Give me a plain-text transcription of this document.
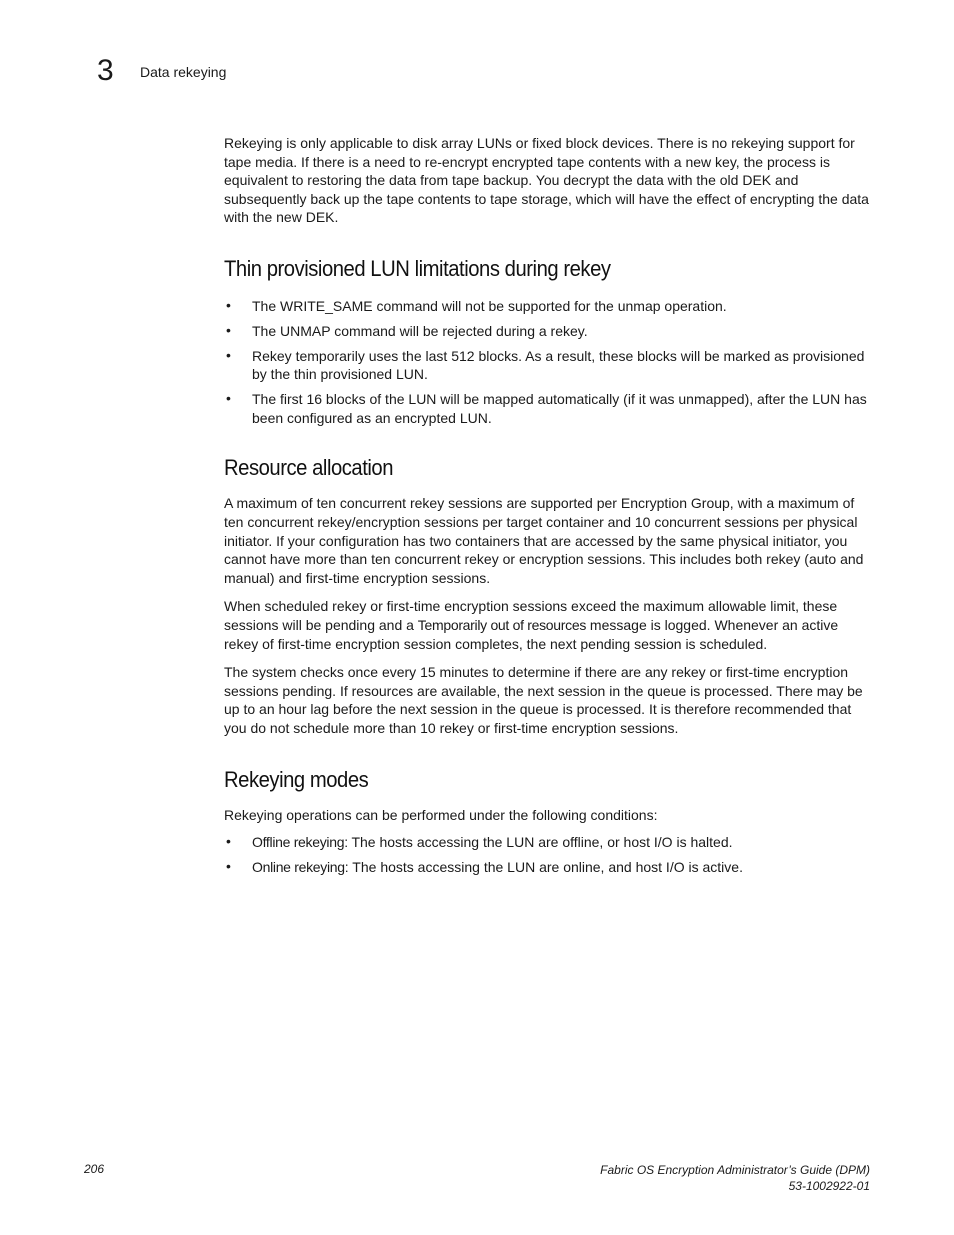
3 Data rekeying

Rekeying is only applicable to disk array LUNs or fixed block devices. There is no rekeying support for tape media. If there is a need to re-encrypt encrypted tape contents with a new key, the process is equivalent to restoring the data from tape backup. You decrypt the data with the old DEK and subsequently back up the tape contents to tape storage, which will have the effect of encrypting the data with the new DEK.

Thin provisioned LUN limitations during rekey
• The WRITE_SAME command will not be supported for the unmap operation.
• The UNMAP command will be rejected during a rekey.
• Rekey temporarily uses the last 512 blocks. As a result, these blocks will be marked as provisioned by the thin provisioned LUN.
• The first 16 blocks of the LUN will be mapped automatically (if it was unmapped), after the LUN has been configured as an encrypted LUN.
Resource allocation

A maximum of ten concurrent rekey sessions are supported per Encryption Group, with a maximum of ten concurrent rekey/encryption sessions per target container and 10 concurrent sessions per physical initiator. If your configuration has two containers that are accessed by the same physical initiator, you cannot have more than ten concurrent rekey or encryption sessions. This includes both rekey (auto and manual) and first-time encryption sessions.

When scheduled rekey or first-time encryption sessions exceed the maximum allowable limit, these sessions will be pending and a Temporarily out of resources message is logged. Whenever an active rekey of first-time encryption session completes, the next pending session is scheduled.

The system checks once every 15 minutes to determine if there are any rekey or first-time encryption sessions pending. If resources are available, the next session in the queue is processed. There may be up to an hour lag before the next session in the queue is processed. It is therefore recommended that you do not schedule more than 10 rekey or first-time encryption sessions.

Rekeying modes

Rekeying operations can be performed under the following conditions:

• Offline rekeying: The hosts accessing the LUN are offline, or host I/O is halted.
• Online rekeying: The hosts accessing the LUN are online, and host I/O is active.
206	Fabric OS Encryption Administrator’s Guide (DPM)
53-1002922-01
